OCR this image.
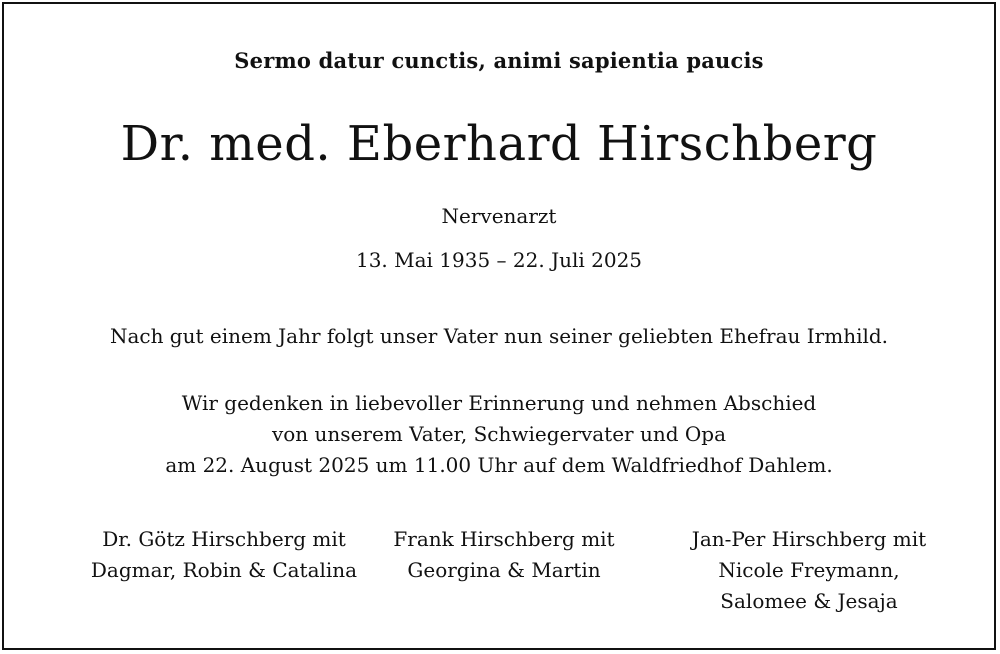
Sermo datur cunctis, animi sapientia paucis
Dr. med. Eberhard Hirschberg
Nervenarzt
13. Mai 1935 – 22. Juli 2025
Nach gut einem Jahr folgt unser Vater nun seiner geliebten Ehefrau Irmhild.
Wir gedenken in liebevoller Erinnerung und nehmen Abschied
von unserem Vater, Schwiegervater und Opa
am 22. August 2025 um 11.00 Uhr auf dem Waldfriedhof Dahlem.
Dr. Götz Hirschberg mit
Dagmar, Robin & Catalina
Frank Hirschberg mit
Georgina & Martin
Jan-Per Hirschberg mit
Nicole Freymann,
Salomee & Jesaja
